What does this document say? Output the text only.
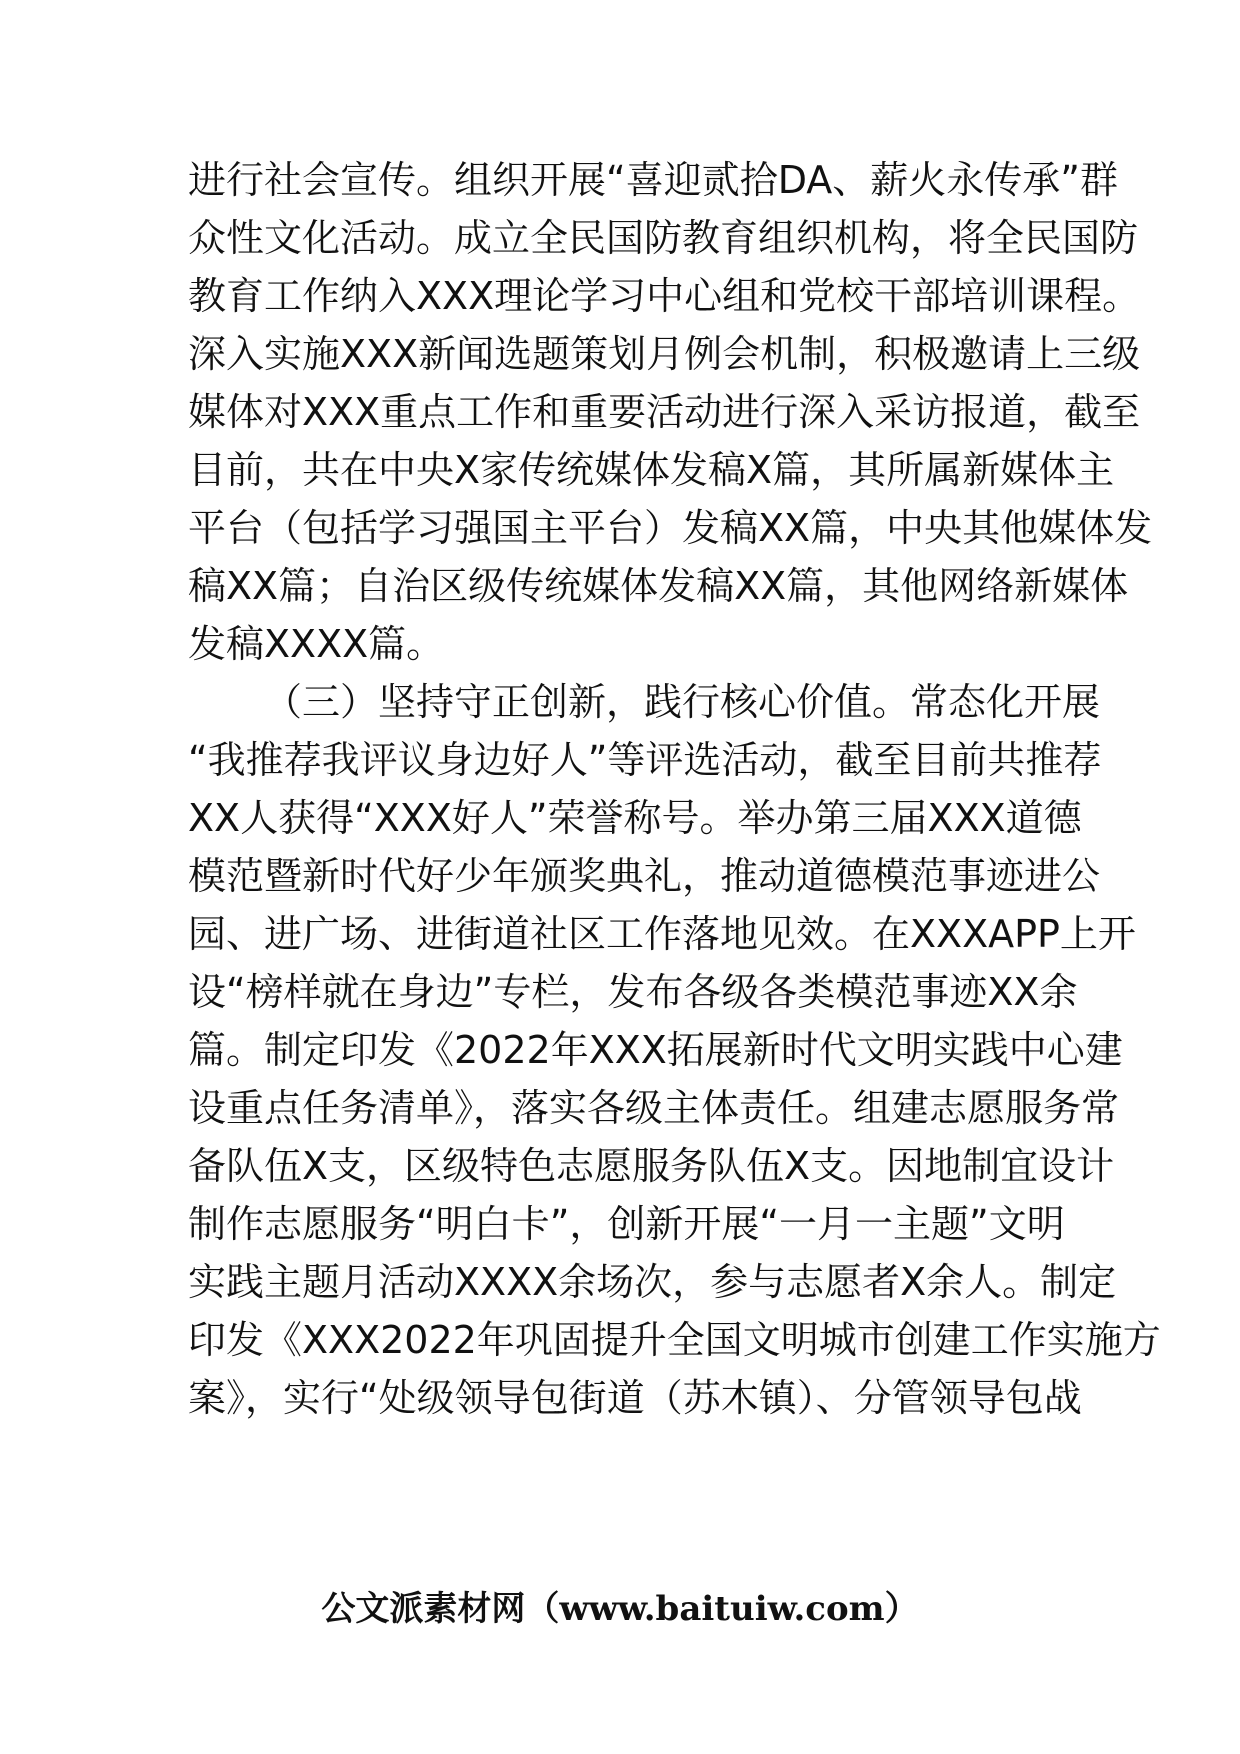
进行社会宣传。组织开展“喜迎贰拾DA、薪火永传承”群
众性文化活动。成立全民国防教育组织机构，将全民国防
教育工作纳入XXX理论学习中心组和党校干部培训课程。
深入实施XXX新闻选题策划月例会机制，积极邀请上三级
媒体对XXX重点工作和重要活动进行深入采访报道，截至
目前，共在中央X家传统媒体发稿X篇，其所属新媒体主
平台（包括学习强国主平台）发稿XX篇，中央其他媒体发
稿XX篇；自治区级传统媒体发稿XX篇，其他网络新媒体
发稿XXXX篇。
（三）坚持守正创新，践行核心价值。常态化开展
“我推荐我评议身边好人”等评选活动，截至目前共推荐
XX人获得“XXX好人”荣誉称号。举办第三届XXX道德
模范暨新时代好少年颁奖典礼，推动道德模范事迹进公
园、进广场、进街道社区工作落地见效。在XXXAPP上开
设“榜样就在身边”专栏，发布各级各类模范事迹XX余
篇。制定印发《2022年XXX拓展新时代文明实践中心建
设重点任务清单》，落实各级主体责任。组建志愿服务常
备队伍X支，区级特色志愿服务队伍X支。因地制宜设计
制作志愿服务“明白卡”，创新开展“一月一主题”文明
实践主题月活动XXXX余场次，参与志愿者X余人。制定
印发《XXX2022年巩固提升全国文明城市创建工作实施方
案》，实行“处级领导包街道（苏木镇）、分管领导包战
公文派素材网（www.baituiw.com）
